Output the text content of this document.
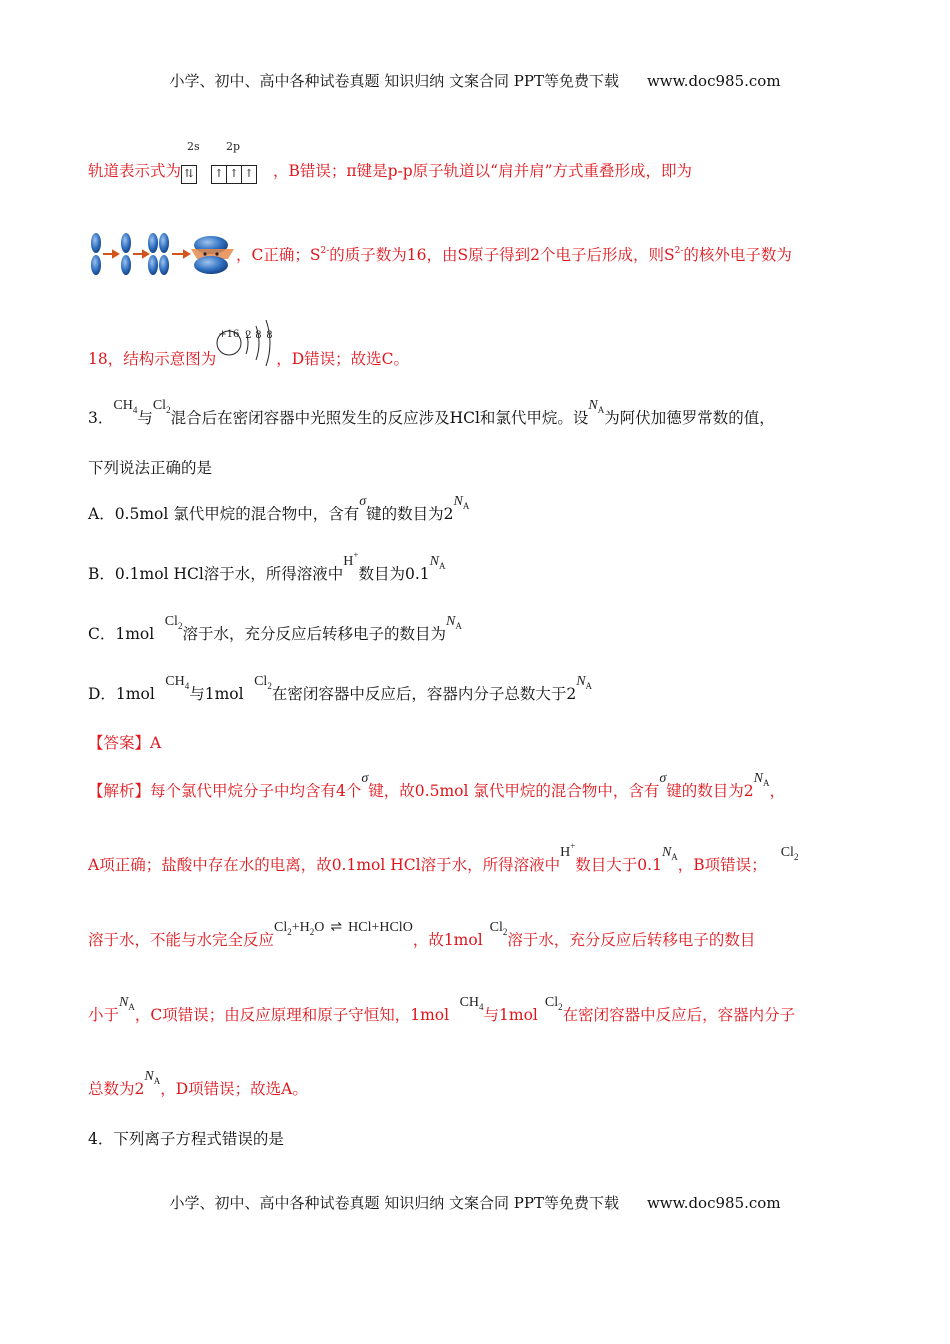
小学、初中、高中各种试卷真题 知识归纳 文案合同 PPT等免费下载 www.doc985.com
轨道表示式为
2s 2p
⇅	↑ ↑ ↑ ，B错误；π键是p-p原子轨道以“肩并肩”方式重叠形成，即为
，C正确；$S^{2-}$的质子数为16，由S原子得到2个电子后形成，则$S^{2-}$的核外电子数为
18，结构示意图为
+16 2 8 8
，D错误；故选C。
3．$CH_4$与$Cl_2$混合后在密闭容器中光照发生的反应涉及HCl和氯代甲烷。设$N_A$为阿伏加德罗常数的值，
下列说法正确的是
A．0.5mol 氯代甲烷的混合物中，含有σ键的数目为$2N_A$
B．0.1mol HCl溶于水，所得溶液中H+数目为$0.1N_A$
C．1mol   $Cl_2$溶于水，充分反应后转移电子的数目为$N_A$
D．1mol   $CH_4$与1mol   $Cl_2$在密闭容器中反应后，容器内分子总数大于$2N_A$
【答案】A
【解析】每个氯代甲烷分子中均含有4个σ键，故0.5mol 氯代甲烷的混合物中，含有σ键的数目为$2N_A$，
A项正确；盐酸中存在水的电离，故0.1mol HCl溶于水，所得溶液中H+数目大于$0.1N_A$，B项错误；    $Cl_2$
溶于水，不能与水完全反应$Cl_2+H_2O$ ⇌ HCl+HClO，故1mol  $Cl_2$溶于水，充分反应后转移电子的数目
小于$N_A$，C项错误；由反应原理和原子守恒知，1mol   $CH_4$与1mol  $Cl_2$在密闭容器中反应后，容器内分子
总数为$2N_A$，D项错误；故选A。
4．下列离子方程式错误的是
小学、初中、高中各种试卷真题 知识归纳 文案合同 PPT等免费下载 www.doc985.com
